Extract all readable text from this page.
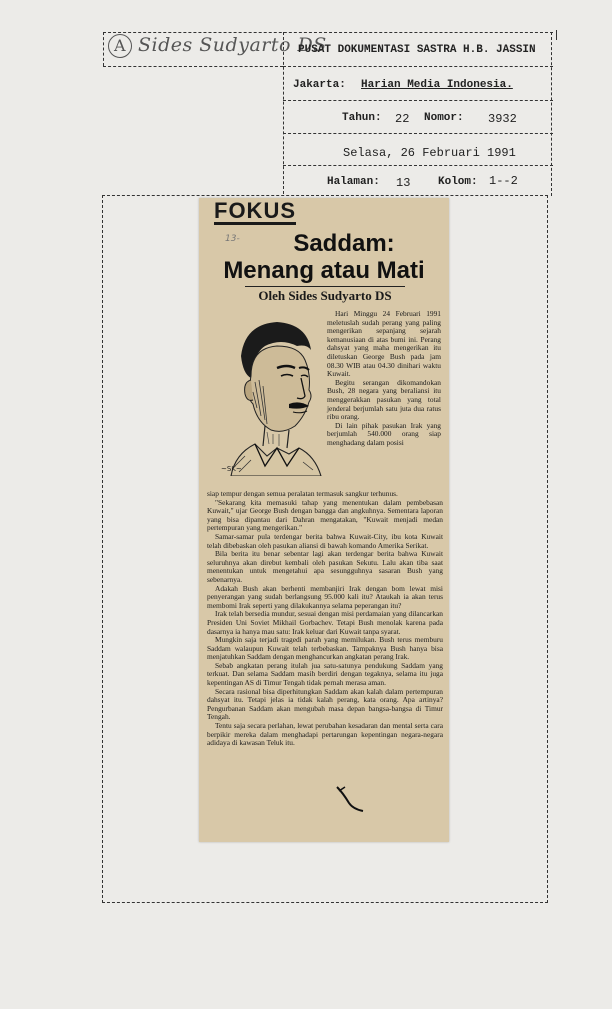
A Sides Sudyarto DS
PUSAT DOKUMENTASI SASTRA H.B. JASSIN
Jakarta: Harian Media Indonesia.
Tahun: 22 Nomor: 3932
Selasa, 26 Februari 1991
Halaman: 13	Kolom: 1--2
FOKUS
13-	Saddam:
Menang atau Mati
Oleh Sides Sudyarto DS
~SK~

Hari Minggu 24 Februari 1991 meletuslah sudah perang yang paling mengerikan sepanjang sejarah kemanusiaan di atas bumi ini. Perang dahsyat yang maha mengerikan itu diletuskan George Bush pada jam 08.30 WIB atau 04.30 dinihari waktu Kuwait.

Begitu serangan dikomandokan Bush, 28 negara yang beraliansi itu menggerakkan pasukan yang total jenderal berjumlah satu juta dua ratus ribu orang.

Di lain pihak pasukan Irak yang berjumlah 540.000 orang siap menghadang dalam posisi

siap tempur dengan semua peralatan termasuk sangkur terhunus.

"Sekarang kita memasuki tahap yang menentukan dalam pembebasan Kuwait," ujar George Bush dengan bangga dan angkuhnya. Sementara laporan yang bisa dipantau dari Dahran mengatakan, "Kuwait menjadi medan pertempuran yang mengerikan."

Samar-samar pula terdengar berita bahwa Kuwait-City, ibu kota Kuwait telah dibebaskan oleh pasukan aliansi di bawah komando Amerika Serikat.

Bila berita itu benar sebentar lagi akan terdengar berita bahwa Kuwait seluruhnya akan direbut kembali oleh pasukan Sekutu. Lalu akan tiba saat menentukan untuk mengetahui apa sesungguhnya sasaran Bush yang sebenarnya.

Adakah Bush akan berhenti membanjiri Irak dengan bom lewat misi penyerangan yang sudah berlangsung 95.000 kali itu? Ataukah ia akan terus membomi Irak seperti yang dilakukannya selama peperangan itu?

Irak telah bersedia mundur, sesuai dengan misi perdamaian yang dilancarkan Presiden Uni Soviet Mikhail Gorbachev. Tetapi Bush menolak karena pada dasarnya ia hanya mau satu: Irak keluar dari Kuwait tanpa syarat.

Mungkin saja terjadi tragedi parah yang memilukan. Bush terus memburu Saddam walaupun Kuwait telah terbebaskan. Tampaknya Bush hanya bisa menjatuhkan Saddam dengan menghancurkan angkatan perang Irak.

Sebab angkatan perang itulah jua satu-satunya pendukung Saddam yang terkuat. Dan selama Saddam masih berdiri dengan tegaknya, selama itu juga kepentingan AS di Timur Tengah tidak pernah merasa aman.

Secara rasional bisa diperhitungkan Saddam akan kalah dalam pertempuran dahsyat itu. Tetapi jelas ia tidak kalah perang, kata orang. Apa artinya? Pengurbanan Saddam akan mengubah masa depan bangsa-bangsa di Timur Tengah.

Tentu saja secara perlahan, lewat perubahan kesadaran dan mental serta cara berpikir mereka dalam menghadapi pertarungan kepentingan negara-negara adidaya di kawasan Teluk itu.
